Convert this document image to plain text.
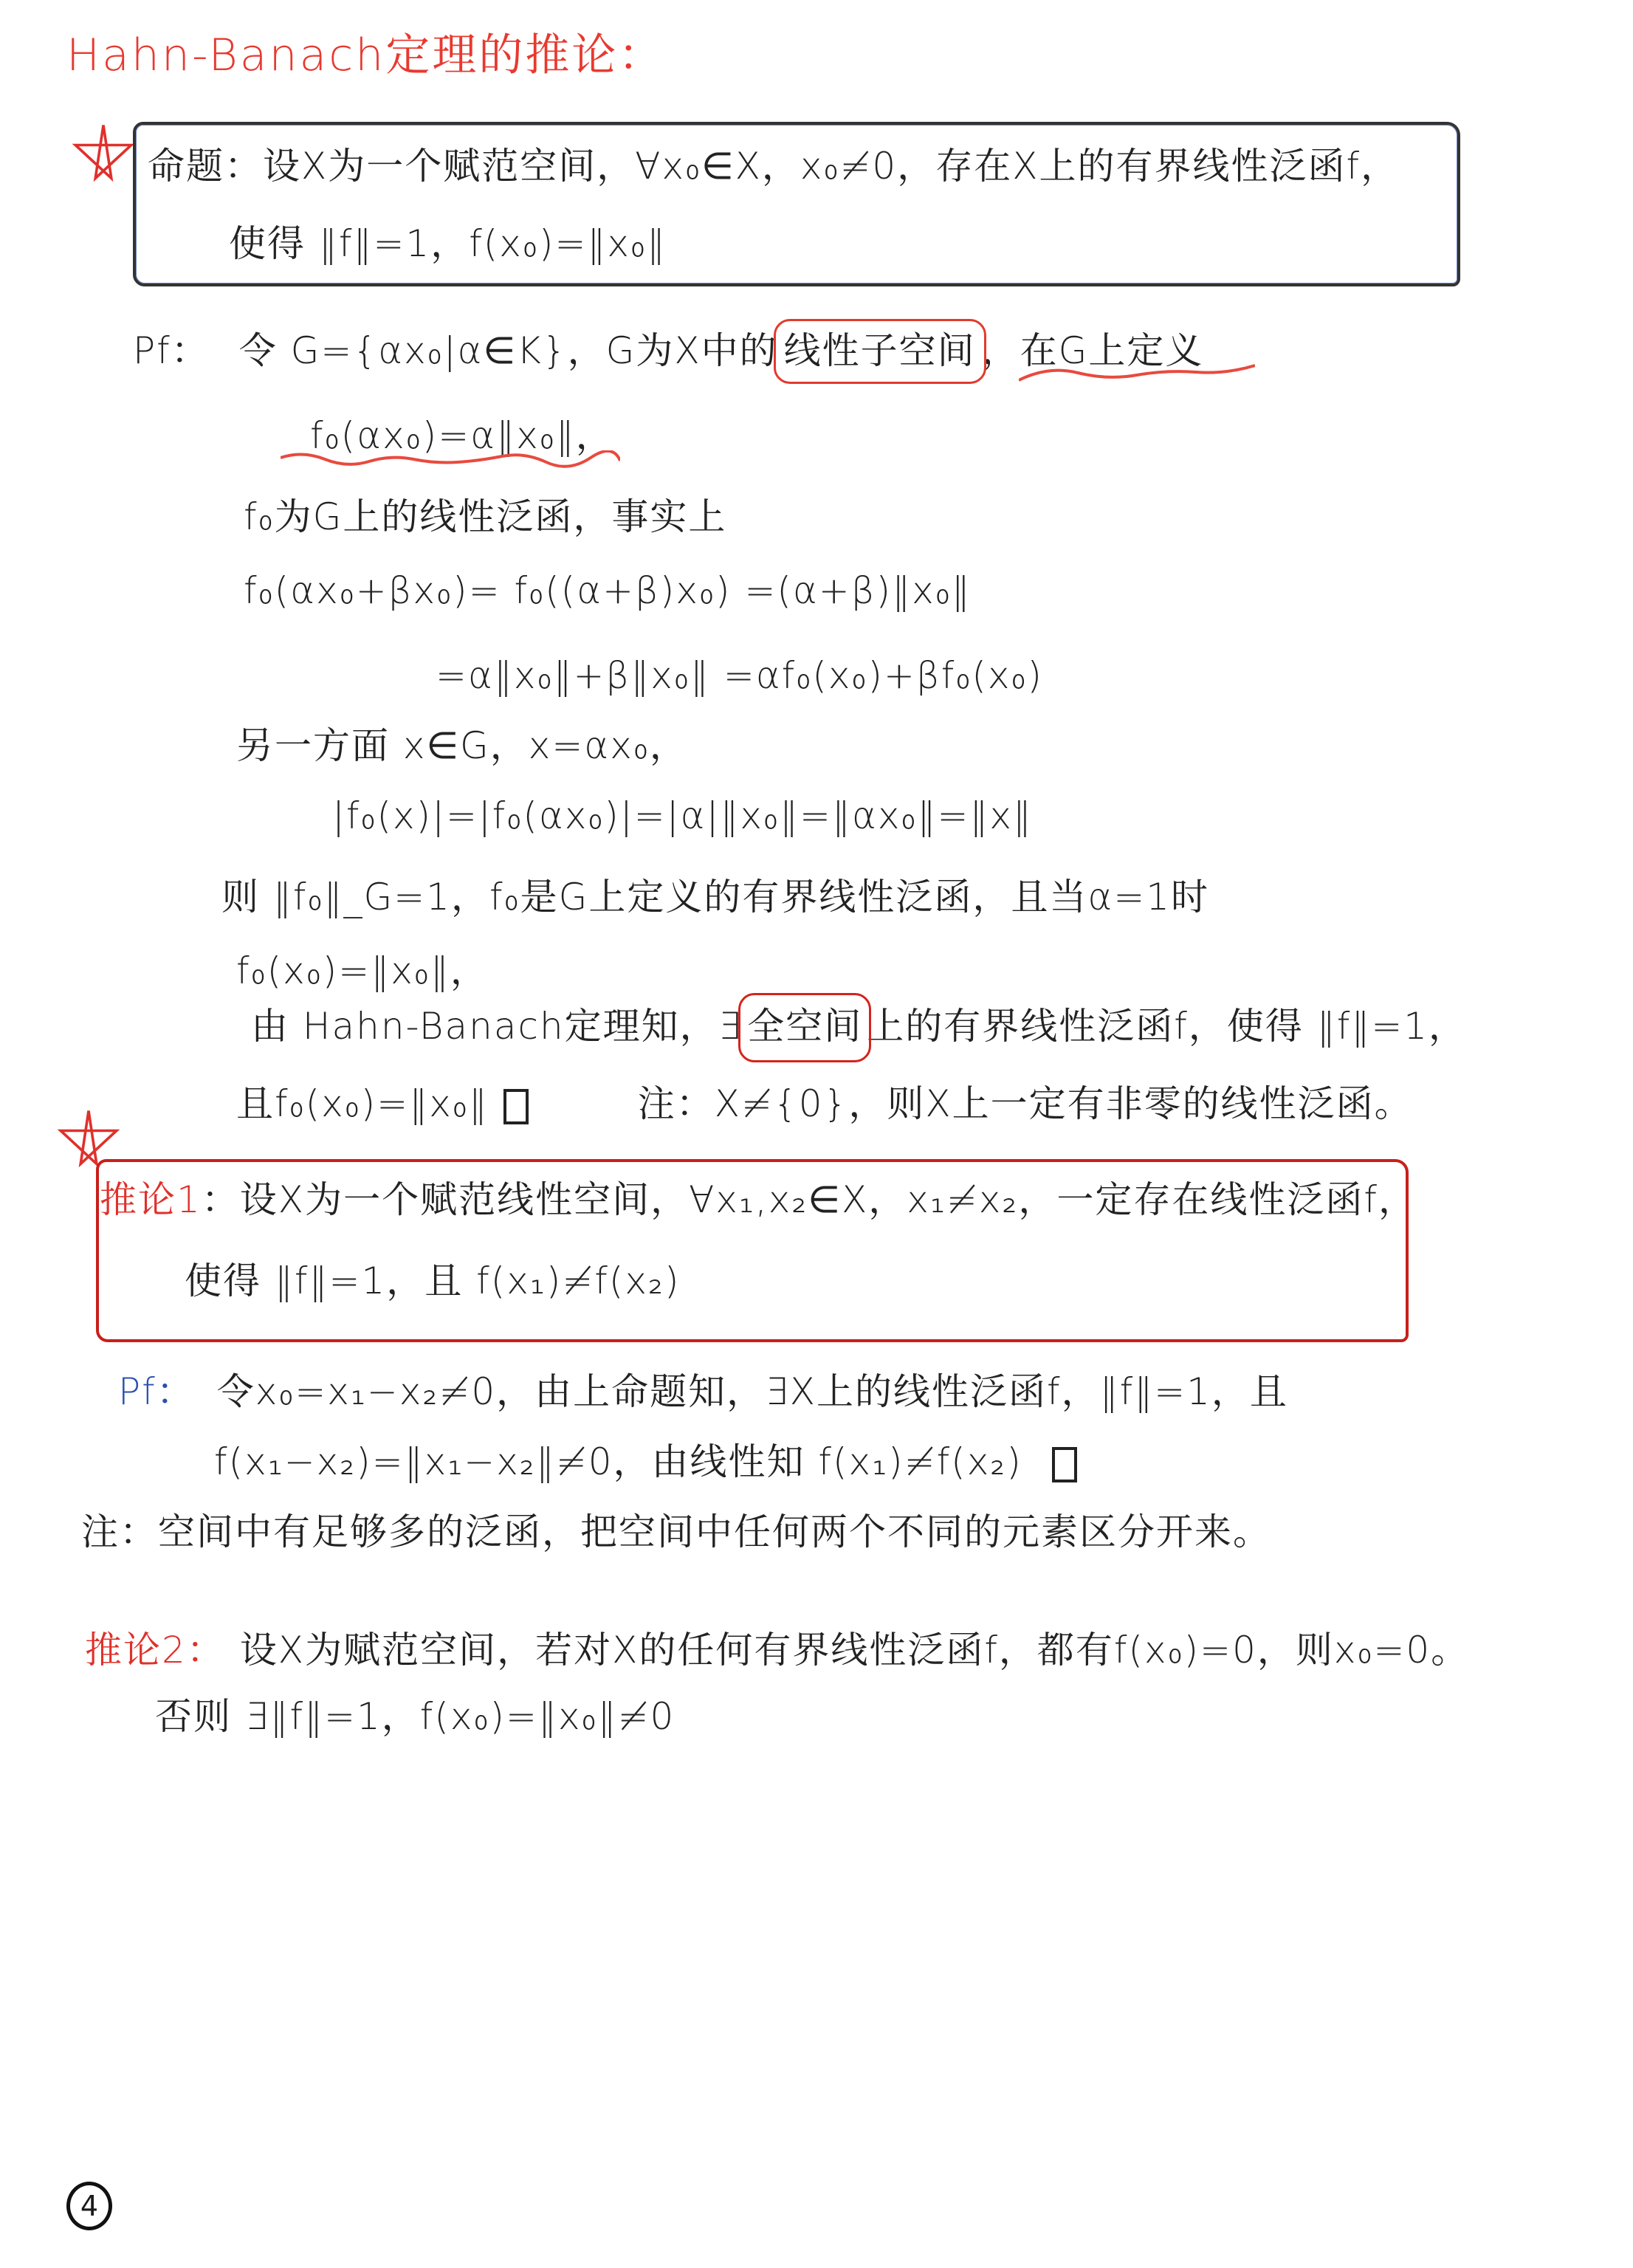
Hahn-Banach定理的推论：
命题：设X为一个赋范空间，∀x₀∈X，x₀≠0，存在X上的有界线性泛函f，
使得 ‖f‖=1，f(x₀)=‖x₀‖
Pf： 令 G={αx₀|α∈K}，G为X中的 线性子空间 ，在G上定义
f₀(αx₀)=α‖x₀‖，
f₀为G上的线性泛函，事实上
f₀(αx₀+βx₀)= f₀((α+β)x₀) =(α+β)‖x₀‖
=α‖x₀‖+β‖x₀‖ =αf₀(x₀)+βf₀(x₀)
另一方面 x∈G，x=αx₀，
|f₀(x)|=|f₀(αx₀)|=|α|‖x₀‖=‖αx₀‖=‖x‖
则 ‖f₀‖_G=1，f₀是G上定义的有界线性泛函，且当α=1时
f₀(x₀)=‖x₀‖，
由 Hahn-Banach定理知，∃ 全空间 上的有界线性泛函f，使得 ‖f‖=1，
且f₀(x₀)=‖x₀‖	注：X≠{0}，则X上一定有非零的线性泛函。
推论1：设X为一个赋范线性空间，∀x₁,x₂∈X，x₁≠x₂，一定存在线性泛函f，
使得 ‖f‖=1，且 f(x₁)≠f(x₂)
Pf： 令x₀=x₁−x₂≠0，由上命题知，∃X上的线性泛函f，‖f‖=1，且
f(x₁−x₂)=‖x₁−x₂‖≠0，由线性知 f(x₁)≠f(x₂)
注：空间中有足够多的泛函，把空间中任何两个不同的元素区分开来。
推论2： 设X为赋范空间，若对X的任何有界线性泛函f，都有f(x₀)=0，则x₀=0。
否则 ∃‖f‖=1，f(x₀)=‖x₀‖≠0
4
